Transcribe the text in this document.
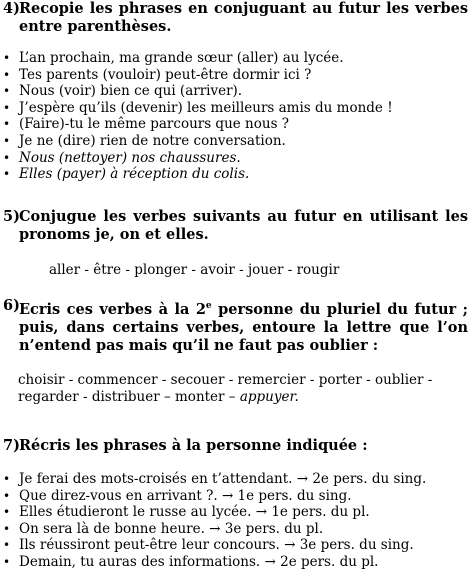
4) Recopie les phrases en conjuguant au futur les verbes entre parenthèses.
• L’an prochain, ma grande sœur (aller) au lycée.
• Tes parents (vouloir) peut-être dormir ici ?
• Nous (voir) bien ce qui (arriver).
• J’espère qu’ils (devenir) les meilleurs amis du monde !
• (Faire)-tu le même parcours que nous ?
• Je ne (dire) rien de notre conversation.
• Nous (nettoyer) nos chaussures.
• Elles (payer) à réception du colis.
5) Conjugue les verbes suivants au futur en utilisant les pronoms je, on et elles.
aller - être - plonger - avoir - jouer - rougir
6) Ecris ces verbes à la 2e personne du pluriel du futur ; puis, dans certains verbes, entoure la lettre que l’on n’entend pas mais qu’il ne faut pas oublier :
choisir - commencer - secouer - remercier - porter - oublier - regarder - distribuer – monter – appuyer.
7) Récris les phrases à la personne indiquée :
• Je ferai des mots-croisés en t’attendant. → 2e pers. du sing.
• Que direz-vous en arrivant ?. → 1e pers. du sing.
• Elles étudieront le russe au lycée. → 1e pers. du pl.
• On sera là de bonne heure. → 3e pers. du pl.
• Ils réussiront peut-être leur concours. → 3e pers. du sing.
• Demain, tu auras des informations. → 2e pers. du pl.
